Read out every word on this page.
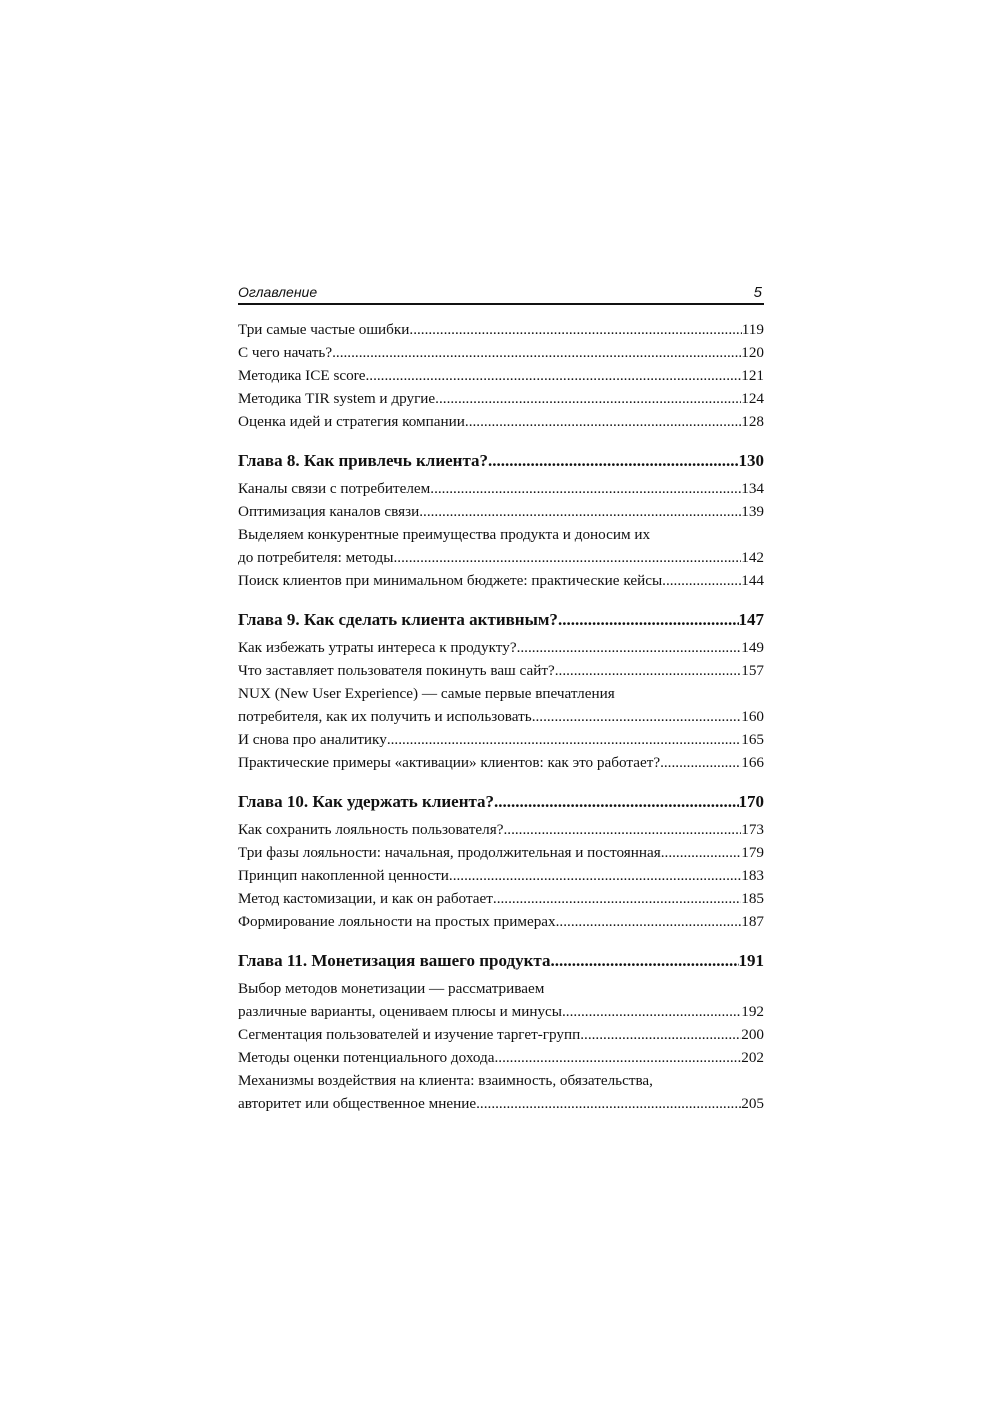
Оглавление	5
Три самые частые ошибки .....	119
С чего начать? .....	120
Методика ICE score .....	121
Методика TIR system и другие .....	124
Оценка идей и стратегия компании .....	128
Глава 8. Как привлечь клиента? .....	130
Каналы связи с потребителем .....	134
Оптимизация каналов связи .....	139
Выделяем конкурентные преимущества продукта и доносим их
до потребителя: методы .....	142
Поиск клиентов при минимальном бюджете: практические кейсы .....	144
Глава 9. Как сделать клиента активным? .....	147
Как избежать утраты интереса к продукту? .....	149
Что заставляет пользователя покинуть ваш сайт? .....	157
NUX (New User Experience) — самые первые впечатления
потребителя, как их получить и использовать .....	160
И снова про аналитику .....	165
Практические примеры «активации» клиентов: как это работает? .....	166
Глава 10. Как удержать клиента? .....	170
Как сохранить лояльность пользователя? .....	173
Три фазы лояльности: начальная, продолжительная и постоянная .....	179
Принцип накопленной ценности .....	183
Метод кастомизации, и как он работает .....	185
Формирование лояльности на простых примерах .....	187
Глава 11. Монетизация вашего продукта .....	191
Выбор методов монетизации — рассматриваем
различные варианты, оцениваем плюсы и минусы .....	192
Сегментация пользователей и изучение таргет-групп .....	200
Методы оценки потенциального дохода .....	202
Механизмы воздействия на клиента: взаимность, обязательства,
авторитет или общественное мнение .....	205
